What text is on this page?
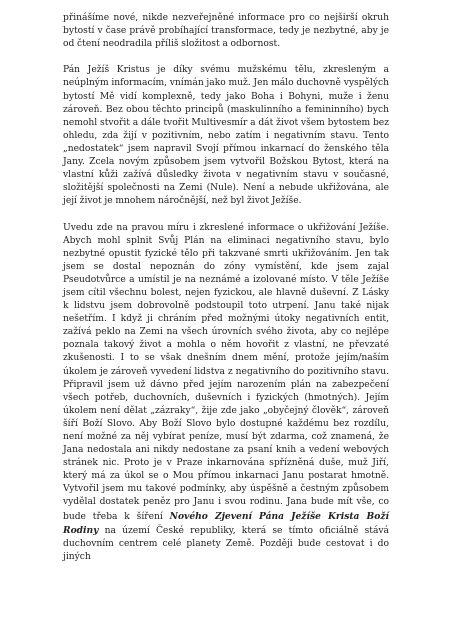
přinášíme nové, nikde nezveřejněné informace pro co nejširší okruh bytostí v čase právě probíhající transformace, tedy je nezbytné, aby je od čtení neodradila příliš složitost a odbornost.

Pán Ježíš Kristus je díky svému mužskému tělu, zkresleným a neúplným informacím, vnímán jako muž. Jen málo duchovně vyspělých bytostí Mě vidí komplexně, tedy jako Boha i Bohyni, muže i ženu zároveň. Bez obou těchto principů (maskulinního a femininního) bych nemohl stvořit a dále tvořit Multivesmír a dát život všem bytostem bez ohledu, zda žijí v pozitivním, nebo zatím i negativním stavu. Tento „nedostatek“ jsem napravil Svojí přímou inkarnací do ženského těla Jany. Zcela novým způsobem jsem vytvořil Božskou Bytost, která na vlastní kůži zažívá důsledky života v negativním stavu v současné, složitější společnosti na Zemi (Nule). Není a nebude ukřižována, ale její život je mnohem náročnější, než byl život Ježíše.

Uvedu zde na pravou míru i zkreslené informace o ukřižování Ježíše. Abych mohl splnit Svůj Plán na eliminaci negativního stavu, bylo nezbytné opustit fyzické tělo při takzvané smrti ukřižováním. Jen tak jsem se dostal nepoznán do zóny vymístění, kde jsem zajal Pseudotvůrce a umístil je na neznámé a izolované místo. V těle Ježíše jsem cítil všechnu bolest, nejen fyzickou, ale hlavně duševní. Z Lásky k lidstvu jsem dobrovolně podstoupil toto utrpení. Janu také nijak nešetřím. I když ji chráním před možnými útoky negativních entit, zažívá peklo na Zemi na všech úrovních svého života, aby co nejlépe poznala takový život a mohla o něm hovořit z vlastní, ne převzaté zkušenosti. I to se však dnešním dnem mění, protože jejím/naším úkolem je zároveň vyvedení lidstva z negativního do pozitivního stavu. Připravil jsem už dávno před jejím narozením plán na zabezpečení všech potřeb, duchovních, duševních i fyzických (hmotných). Jejím úkolem není dělat „zázraky“, žije zde jako „obyčejný člověk“, zároveň šíří Boží Slovo. Aby Boží Slovo bylo dostupné každému bez rozdílu, není možné za něj vybírat peníze, musí být zdarma, což znamená, že Jana nedostala ani nikdy nedostane za psaní knih a vedení webových stránek nic. Proto je v Praze inkarnována spřízněná duše, muž Jiří, který má za úkol se o Mou přímou inkarnaci Janu postarat hmotně. Vytvořil jsem mu takové podmínky, aby úspěšně a čestným způsobem vydělal dostatek peněz pro Janu i svou rodinu. Jana bude mít vše, co bude třeba k šíření Nového Zjevení Pána Ježíše Krista Boží Rodiny na území České republiky, která se tímto oficiálně stává duchovním centrem celé planety Země. Později bude cestovat i do jiných
